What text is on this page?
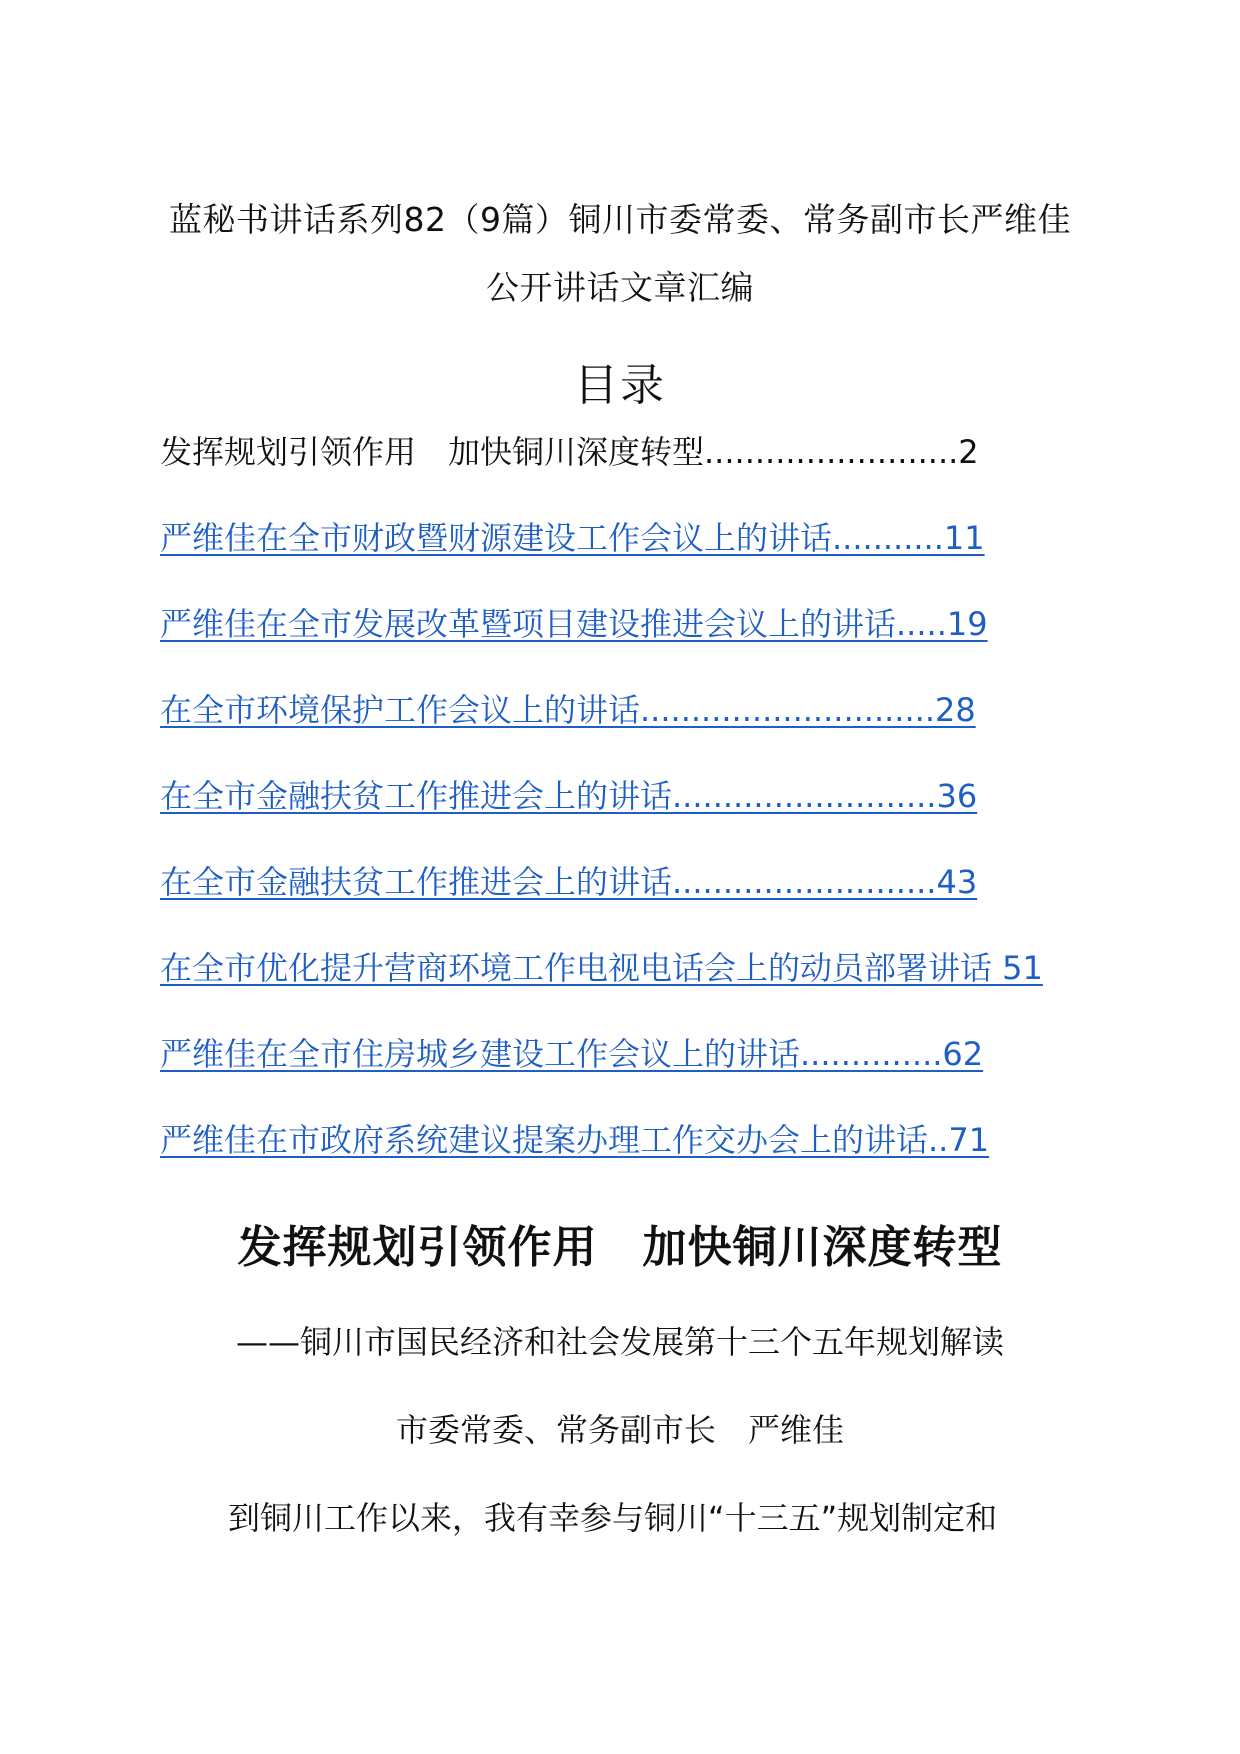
蓝秘书讲话系列82（9篇）铜川市委常委、常务副市长严维佳
公开讲话文章汇编
目录
发挥规划引领作用　加快铜川深度转型.........................2
严维佳在全市财政暨财源建设工作会议上的讲话...........11
严维佳在全市发展改革暨项目建设推进会议上的讲话.....19
在全市环境保护工作会议上的讲话.............................28
在全市金融扶贫工作推进会上的讲话..........................36
在全市金融扶贫工作推进会上的讲话..........................43
在全市优化提升营商环境工作电视电话会上的动员部署讲话 51
严维佳在全市住房城乡建设工作会议上的讲话..............62
严维佳在市政府系统建议提案办理工作交办会上的讲话..71
发挥规划引领作用　加快铜川深度转型
——铜川市国民经济和社会发展第十三个五年规划解读
市委常委、常务副市长　严维佳
到铜川工作以来，我有幸参与铜川“十三五”规划制定和
